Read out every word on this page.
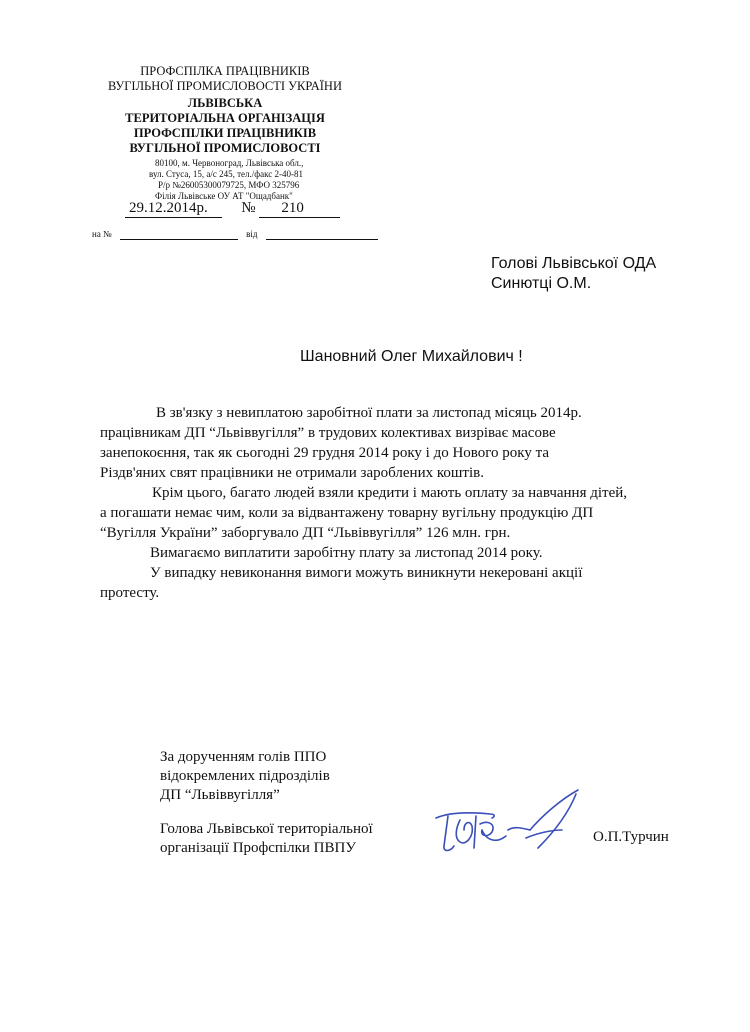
ПРОФСПІЛКА ПРАЦІВНИКІВ
ВУГІЛЬНОЇ ПРОМИСЛОВОСТІ УКРАЇНИ
ЛЬВІВСЬКА
ТЕРИТОРІАЛЬНА ОРГАНІЗАЦІЯ
ПРОФСПІЛКИ ПРАЦІВНИКІВ
ВУГІЛЬНОЇ ПРОМИСЛОВОСТІ
80100, м. Червоноград, Львівська обл.,
вул. Стуса, 15, а/с 245, тел./факс 2-40-81
Р/р №26005300079725, МФО 325796
Філія Львівське ОУ АТ "Ощадбанк"
29.12.2014р. № 210
на №	від
Голові Львівської ОДА
Синютці О.М.
Шановний Олег Михайлович !
В зв'язку з невиплатою заробітної плати за листопад місяць 2014р.
працівникам ДП “Львіввугілля” в трудових колективах визріває масове
занепокоєння, так як сьогодні 29 грудня 2014 року і до Нового року та
Різдв'яних свят працівники не отримали зароблених коштів.
Крім цього, багато людей взяли кредити і мають оплату за навчання дітей,
а погашати немає чим, коли за відвантажену товарну вугільну продукцію ДП
“Вугілля України” заборгувало ДП “Львіввугілля” 126 млн. грн.
Вимагаємо виплатити заробітну плату за листопад 2014 року.
У випадку невиконання вимоги можуть виникнути некеровані акції
протесту.
За дорученням голів ППО
відокремлених підрозділів
ДП “Львіввугілля”
Голова Львівської територіальної
організації Профспілки ПВПУ
О.П.Турчин
